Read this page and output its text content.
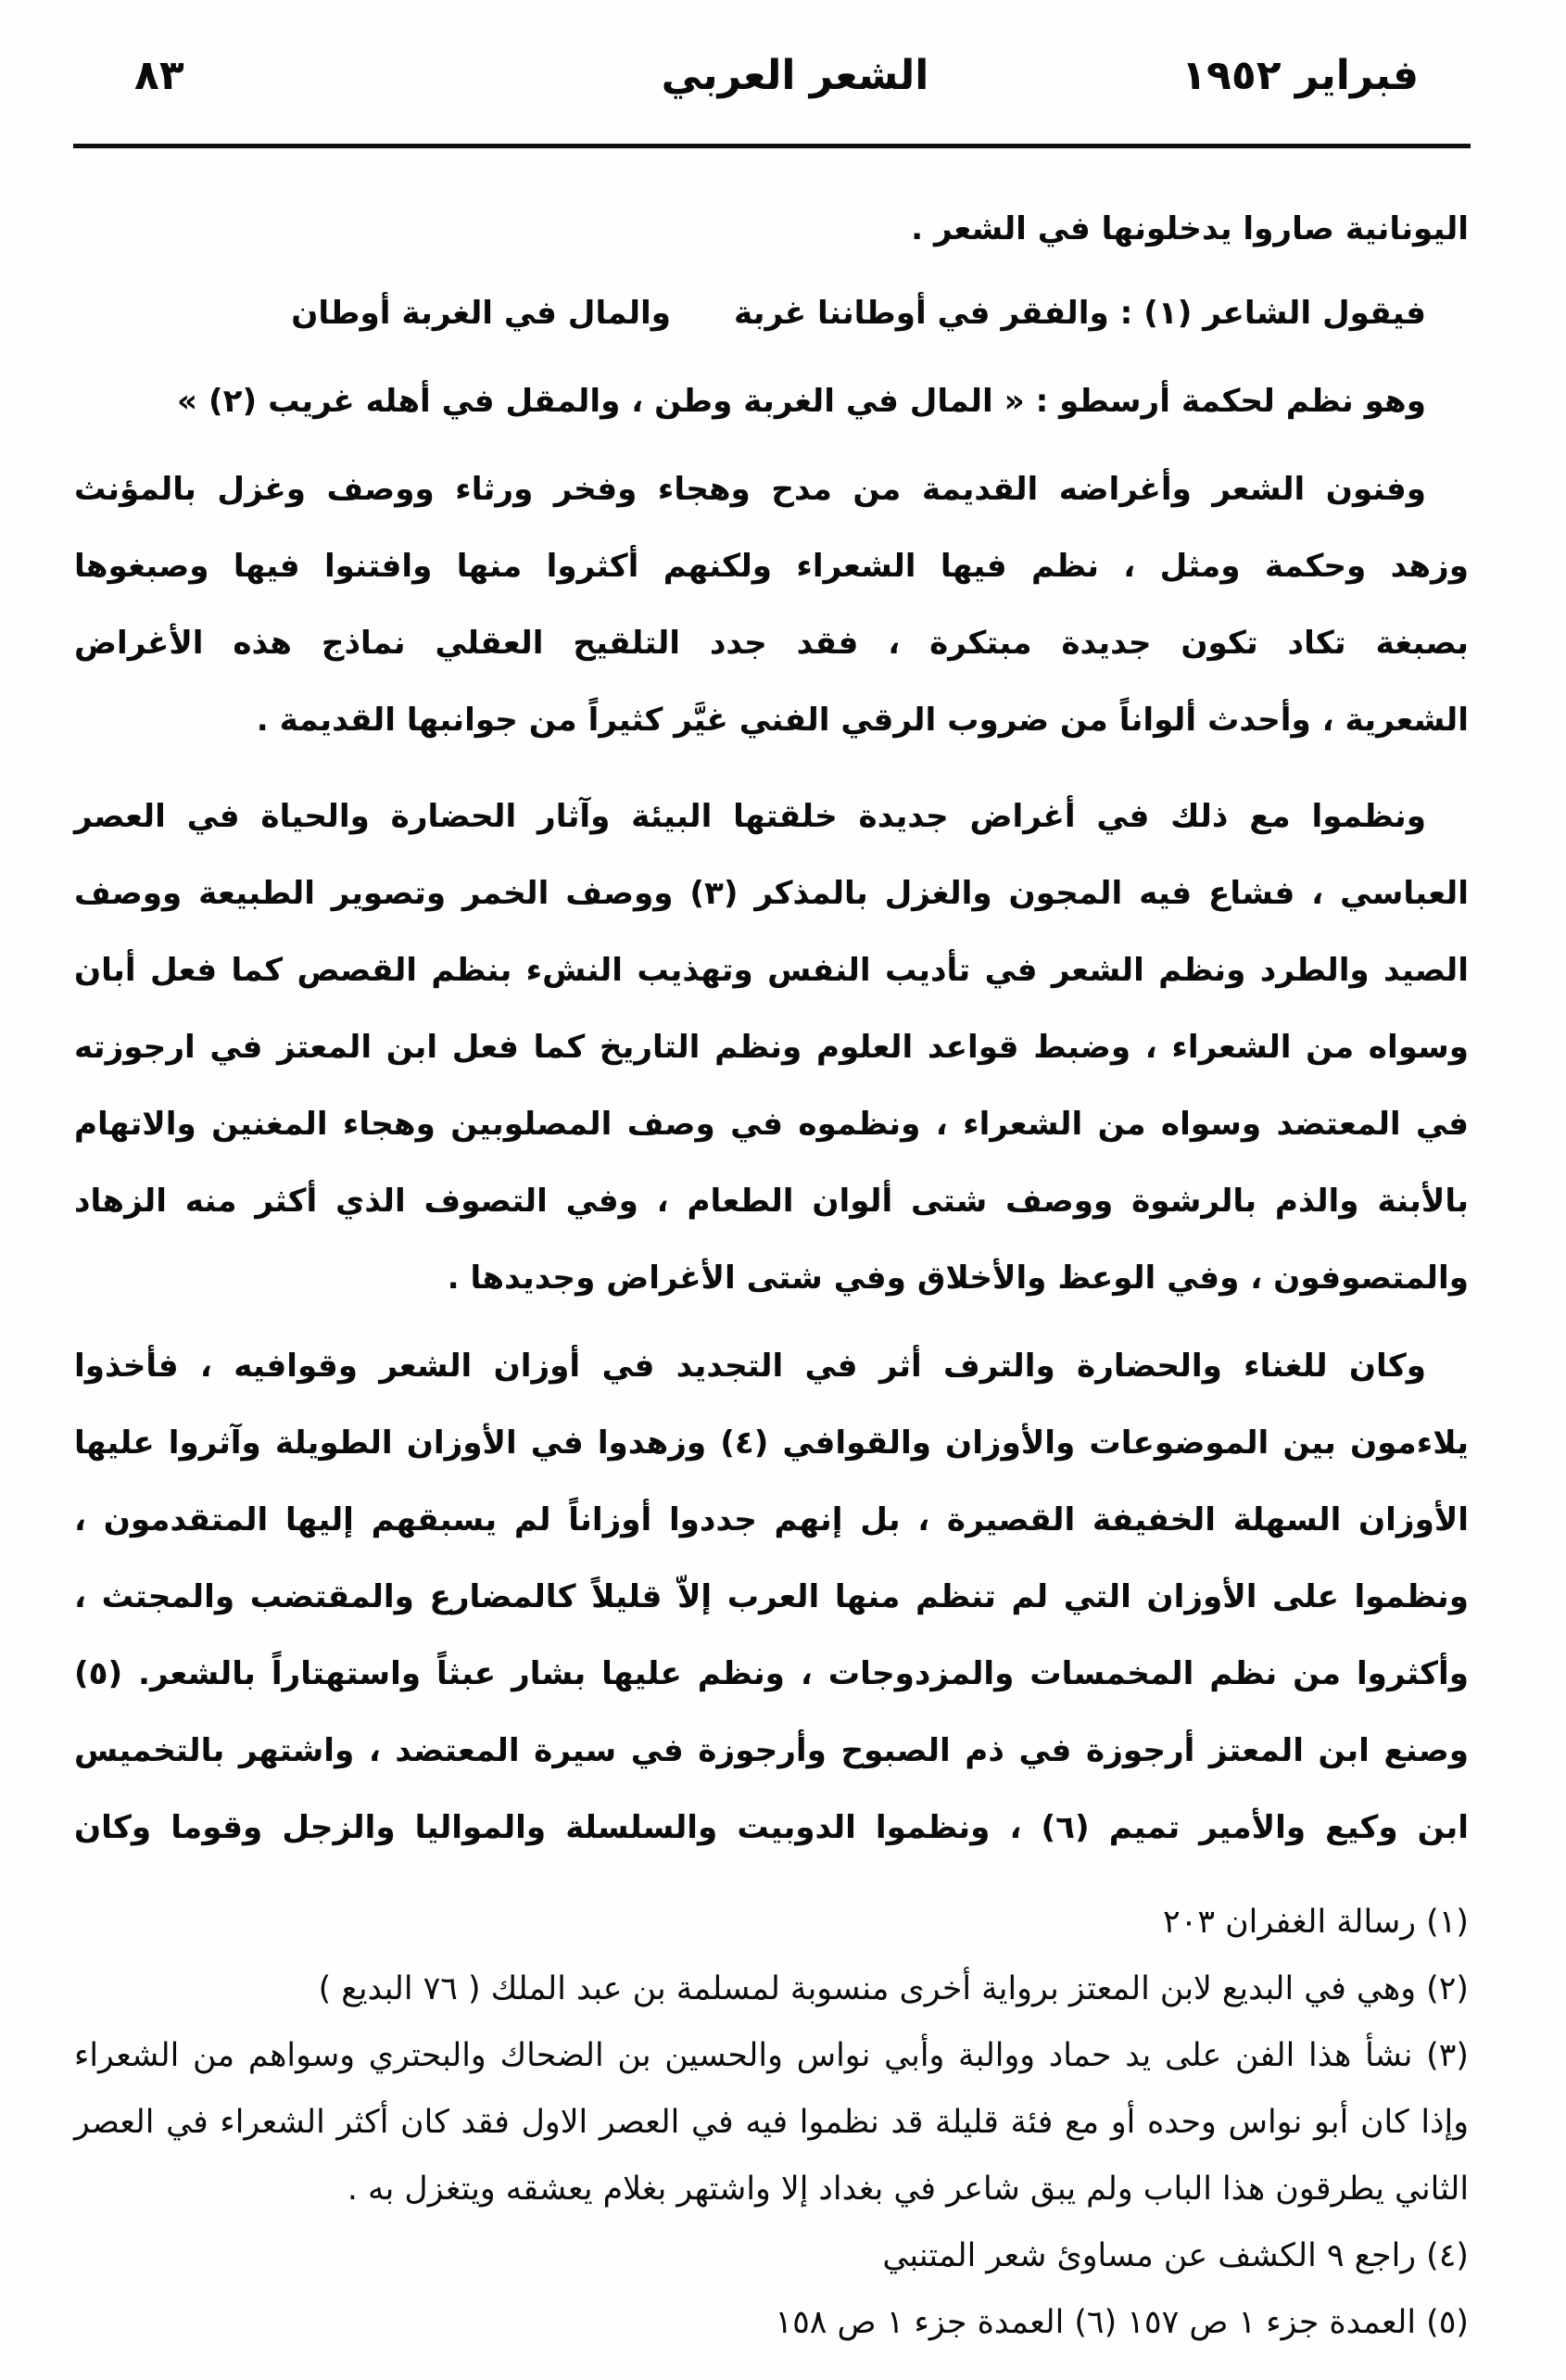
فبراير ١٩٥٢
الشعر العربي
٨٣
اليونانية صاروا يدخلونها في الشعر .
فيقول الشاعر (١) : والفقر في أوطاننا غربة والمال في الغربة أوطان
وهو نظم لحكمة أرسطو : « المال في الغربة وطن ، والمقل في أهله غريب (٢) »
وفنون الشعر وأغراضه القديمة من مدح وهجاء وفخر ورثاء ووصف وغزل بالمؤنث
وزهد وحكمة ومثل ، نظم فيها الشعراء ولكنهم أكثروا منها وافتنوا فيها وصبغوها
بصبغة تكاد تكون جديدة مبتكرة ، فقد جدد التلقيح العقلي نماذج هذه الأغراض
الشعرية ، وأحدث ألواناً من ضروب الرقي الفني غيَّر كثيراً من جوانبها القديمة .
ونظموا مع ذلك في أغراض جديدة خلقتها البيئة وآثار الحضارة والحياة في العصر
العباسي ، فشاع فيه المجون والغزل بالمذكر (٣) ووصف الخمر وتصوير الطبيعة ووصف
الصيد والطرد ونظم الشعر في تأديب النفس وتهذيب النشء بنظم القصص كما فعل أبان
وسواه من الشعراء ، وضبط قواعد العلوم ونظم التاريخ كما فعل ابن المعتز في ارجوزته
في المعتضد وسواه من الشعراء ، ونظموه في وصف المصلوبين وهجاء المغنين والاتهام
بالأبنة والذم بالرشوة ووصف شتى ألوان الطعام ، وفي التصوف الذي أكثر منه الزهاد
والمتصوفون ، وفي الوعظ والأخلاق وفي شتى الأغراض وجديدها .
وكان للغناء والحضارة والترف أثر في التجديد في أوزان الشعر وقوافيه ، فأخذوا
يلاءمون بين الموضوعات والأوزان والقوافي (٤) وزهدوا في الأوزان الطويلة وآثروا عليها
الأوزان السهلة الخفيفة القصيرة ، بل إنهم جددوا أوزاناً لم يسبقهم إليها المتقدمون ،
ونظموا على الأوزان التي لم تنظم منها العرب إلاّ قليلاً كالمضارع والمقتضب والمجتث ،
وأكثروا من نظم المخمسات والمزدوجات ، ونظم عليها بشار عبثاً واستهتاراً بالشعر. (٥)
وصنع ابن المعتز أرجوزة في ذم الصبوح وأرجوزة في سيرة المعتضد ، واشتهر بالتخميس
ابن وكيع والأمير تميم (٦) ، ونظموا الدوبيت والسلسلة والمواليا والزجل وقوما وكان
(١) رسالة الغفران ٢٠٣
(٢) وهي في البديع لابن المعتز برواية أخرى منسوبة لمسلمة بن عبد الملك ( ٧٦ البديع )
(٣) نشأ هذا الفن على يد حماد ووالبة وأبي نواس والحسين بن الضحاك والبحتري وسواهم من الشعراء
وإذا كان أبو نواس وحده أو مع فئة قليلة قد نظموا فيه في العصر الاول فقد كان أكثر الشعراء في العصر
الثاني يطرقون هذا الباب ولم يبق شاعر في بغداد إلا واشتهر بغلام يعشقه ويتغزل به .
(٤) راجع ٩ الكشف عن مساوئ شعر المتنبي
(٥) العمدة جزء ١ ص ١٥٧ (٦) العمدة جزء ١ ص ١٥٨
